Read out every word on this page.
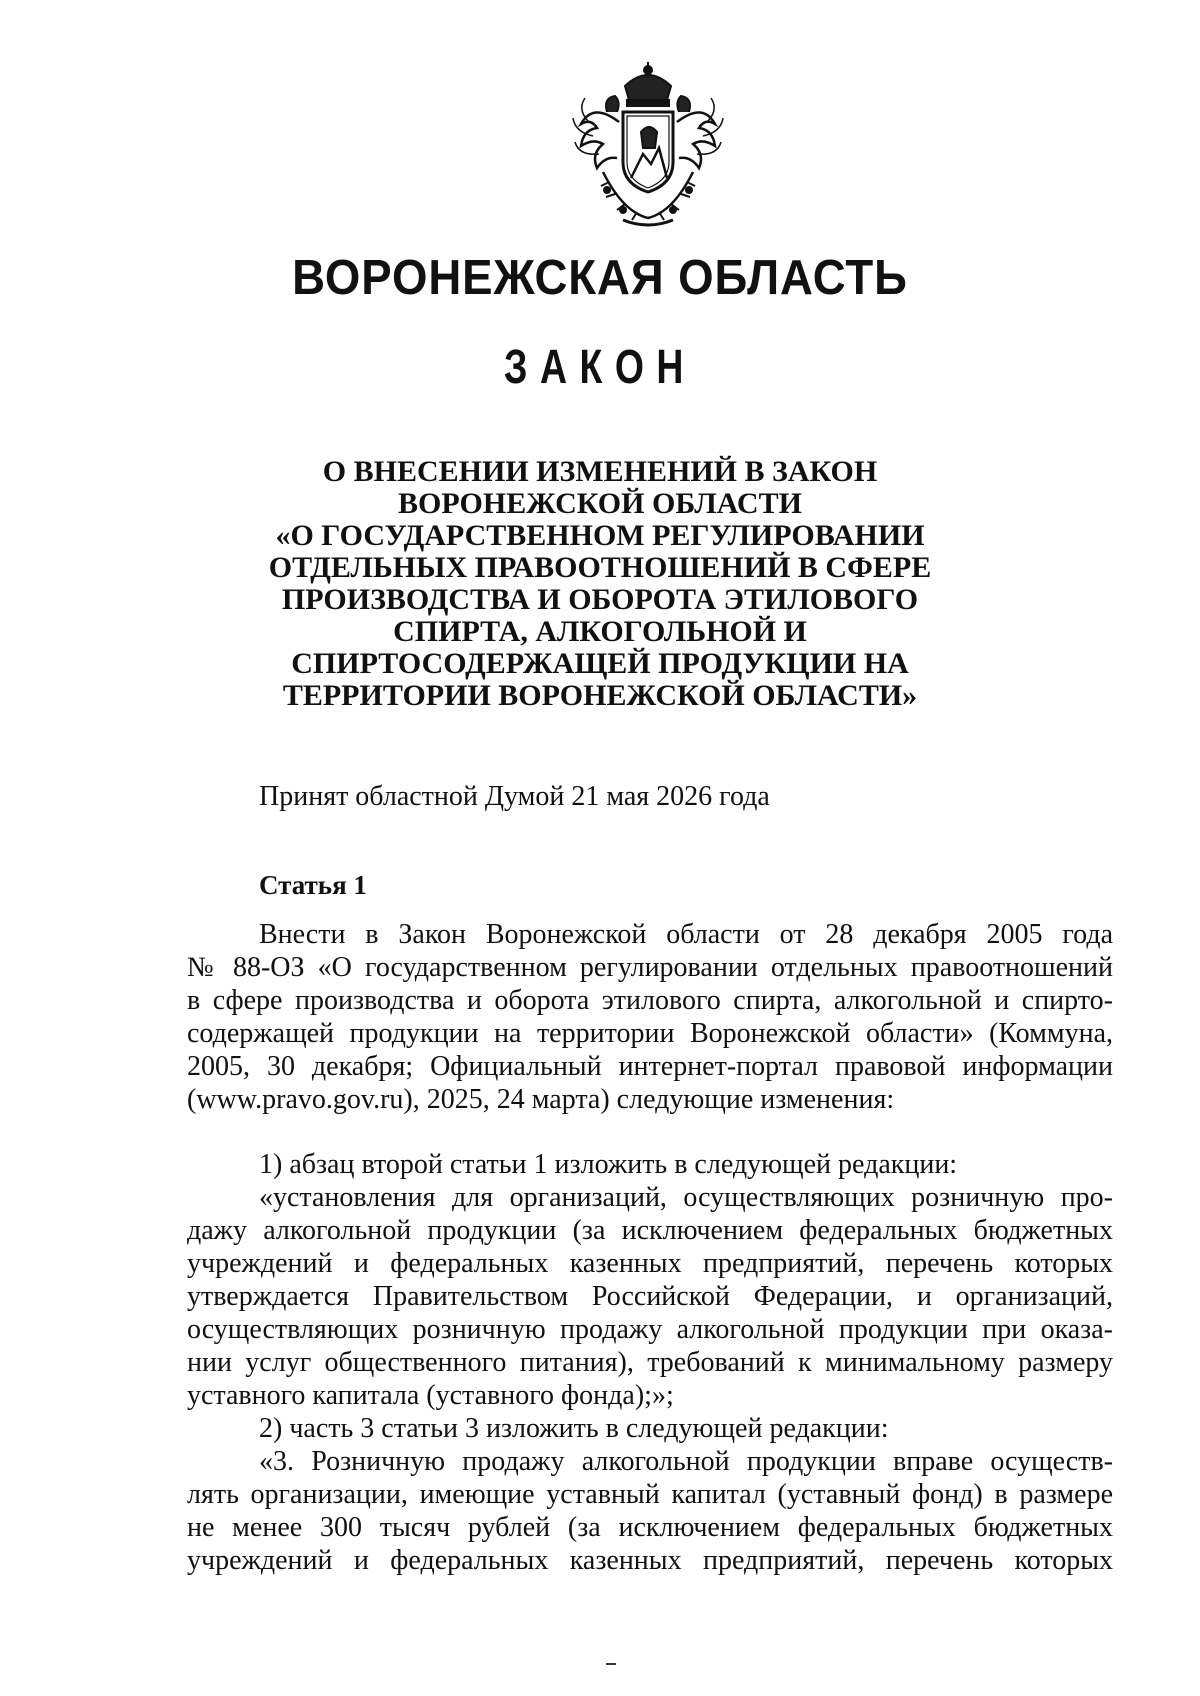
ВОРОНЕЖСКАЯ ОБЛАСТЬ
ЗАКОН
О ВНЕСЕНИИ ИЗМЕНЕНИЙ В ЗАКОН
ВОРОНЕЖСКОЙ ОБЛАСТИ
«О ГОСУДАРСТВЕННОМ РЕГУЛИРОВАНИИ
ОТДЕЛЬНЫХ ПРАВООТНОШЕНИЙ В СФЕРЕ
ПРОИЗВОДСТВА И ОБОРОТА ЭТИЛОВОГО
СПИРТА, АЛКОГОЛЬНОЙ И
СПИРТОСОДЕРЖАЩЕЙ ПРОДУКЦИИ НА
ТЕРРИТОРИИ ВОРОНЕЖСКОЙ ОБЛАСТИ»
Принят областной Думой 21 мая 2026 года
Статья 1
Внести в Закон Воронежской области от 28 декабря 2005 года
№ 88-ОЗ «О государственном регулировании отдельных правоотношений
в сфере производства и оборота этилового спирта, алкогольной и спирто-
содержащей продукции на территории Воронежской области» (Коммуна,
2005, 30 декабря; Официальный интернет-портал правовой информации
(www.pravo.gov.ru), 2025, 24 марта) следующие изменения:
1) абзац второй статьи 1 изложить в следующей редакции:
«установления для организаций, осуществляющих розничную про-
дажу алкогольной продукции (за исключением федеральных бюджетных
учреждений и федеральных казенных предприятий, перечень которых
утверждается Правительством Российской Федерации, и организаций,
осуществляющих розничную продажу алкогольной продукции при оказа-
нии услуг общественного питания), требований к минимальному размеру
уставного капитала (уставного фонда);»;
2) часть 3 статьи 3 изложить в следующей редакции:
«3. Розничную продажу алкогольной продукции вправе осуществ-
лять организации, имеющие уставный капитал (уставный фонд) в размере
не менее 300 тысяч рублей (за исключением федеральных бюджетных
учреждений и федеральных казенных предприятий, перечень которых
